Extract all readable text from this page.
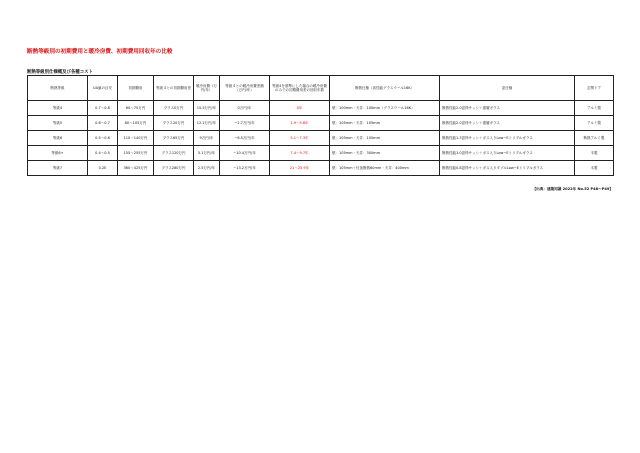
断熱等級別の初期費用と暖冷房費、初期費用回収年の比較
断熱等級別仕様概及び各種コスト
断熱等級	UA値の目安	初期費用	等級４との初期費用差	暖冷房費（万円/年）	等級４との暖冷房費差額（万円/年）	等級4を基準にした場合の暖冷房費のみでの初期費用差の回収年数	断熱仕様（高性能グラスウール16K）	窓仕様	玄関ドア
等級4	0.7〜0.8	60〜75万円	プラス0万円	15.5万円/年	0万円/年	0年	壁：100mm・天井：100mm（グラスウール16K）	断熱性能2.0窓枠サッシ＋複層ガラス	アルミ製
等級5	0.6〜0.7	80〜105万円	プラス20万円	12.2万円/年	−2.7万円/年	1.9〜5.6年	壁：105mm・天井：105mm	断熱性能2.0窓枠サッシ＋複層ガラス	アルミ製
等級6	0.5〜0.6	110〜140万円	プラス65万円	9万円/年	−6.5万円/年	5.1〜7.3年	壁：105mm・天井：105mm	断熱性能1.3窓枠サッシ＋ガス入りLow−Eトリプルガラス	断熱アルミ製
等級6+	0.4〜0.5	155〜255万円	プラス120万円	5.1万円/年	−10.4万円/年	7.4〜9.7年	壁：105mm・天井：300mm	断熱性能1.0窓枠サッシ＋ガス入りLow−Eトリプルガラス	木製
等級7	0.2E	360〜425万円	プラス280万円	2.5万円/年	−13.2万円/年	21〜25.9年	壁：105mm＋付加断熱60mm・天井：400mm	断熱性能0.8窓枠サッシ＋ガス入りダブルLow−Eトリプルガラス	木製
【出典：建築知識 2022年 No.52 P48〜P49】
